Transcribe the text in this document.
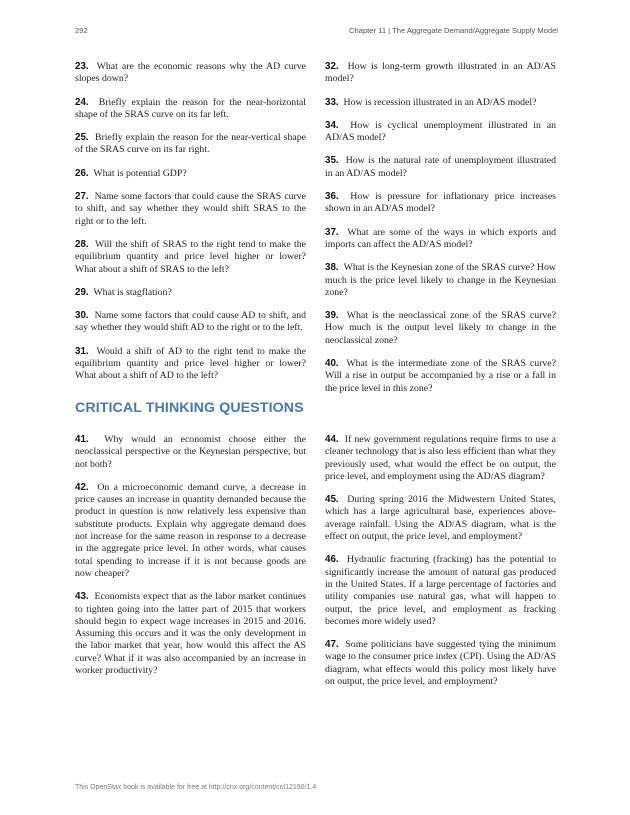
292	Chapter 11 | The Aggregate Demand/Aggregate Supply Model

23. What are the economic reasons why the AD curve slopes down?

24. Briefly explain the reason for the near-horizontal shape of the SRAS curve on its far left.

25. Briefly explain the reason for the near-vertical shape of the SRAS curve on its far right.

26. What is potential GDP?

27. Name some factors that could cause the SRAS curve to shift, and say whether they would shift SRAS to the right or to the left.

28. Will the shift of SRAS to the right tend to make the equilibrium quantity and price level higher or lower? What about a shift of SRAS to the left?

29. What is stagflation?

30. Name some factors that could cause AD to shift, and say whether they would shift AD to the right or to the left.

31. Would a shift of AD to the right tend to make the equilibrium quantity and price level higher or lower? What about a shift of AD to the left?

32. How is long-term growth illustrated in an AD/AS model?

33. How is recession illustrated in an AD/AS model?

34. How is cyclical unemployment illustrated in an AD/AS model?

35. How is the natural rate of unemployment illustrated in an AD/AS model?

36. How is pressure for inflationary price increases shown in an AD/AS model?

37. What are some of the ways in which exports and imports can affect the AD/AS model?

38. What is the Keynesian zone of the SRAS curve? How much is the price level likely to change in the Keynesian zone?

39. What is the neoclassical zone of the SRAS curve? How much is the output level likely to change in the neoclassical zone?

40. What is the intermediate zone of the SRAS curve? Will a rise in output be accompanied by a rise or a fall in the price level in this zone?

CRITICAL THINKING QUESTIONS

41. Why would an economist choose either the neoclassical perspective or the Keynesian perspective, but not both?

42. On a microeconomic demand curve, a decrease in price causes an increase in quantity demanded because the product in question is now relatively less expensive than substitute products. Explain why aggregate demand does not increase for the same reason in response to a decrease in the aggregate price level. In other words, what causes total spending to increase if it is not because goods are now cheaper?

43. Economists expect that as the labor market continues to tighten going into the latter part of 2015 that workers should begin to expect wage increases in 2015 and 2016. Assuming this occurs and it was the only development in the labor market that year, how would this affect the AS curve? What if it was also accompanied by an increase in worker productivity?

44. If new government regulations require firms to use a cleaner technology that is also less efficient than what they previously used, what would the effect be on output, the price level, and employment using the AD/AS diagram?

45. During spring 2016 the Midwestern United States, which has a large agricultural base, experiences above-average rainfall. Using the AD/AS diagram, what is the effect on output, the price level, and employment?

46. Hydraulic fracturing (fracking) has the potential to significantly increase the amount of natural gas produced in the United States. If a large percentage of factories and utility companies use natural gas, what will happen to output, the price level, and employment as fracking becomes more widely used?

47. Some politicians have suggested tying the minimum wage to the consumer price index (CPI). Using the AD/AS diagram, what effects would this policy most likely have on output, the price level, and employment?

This OpenStax book is available for free at http://cnx.org/content/col12190/1.4
